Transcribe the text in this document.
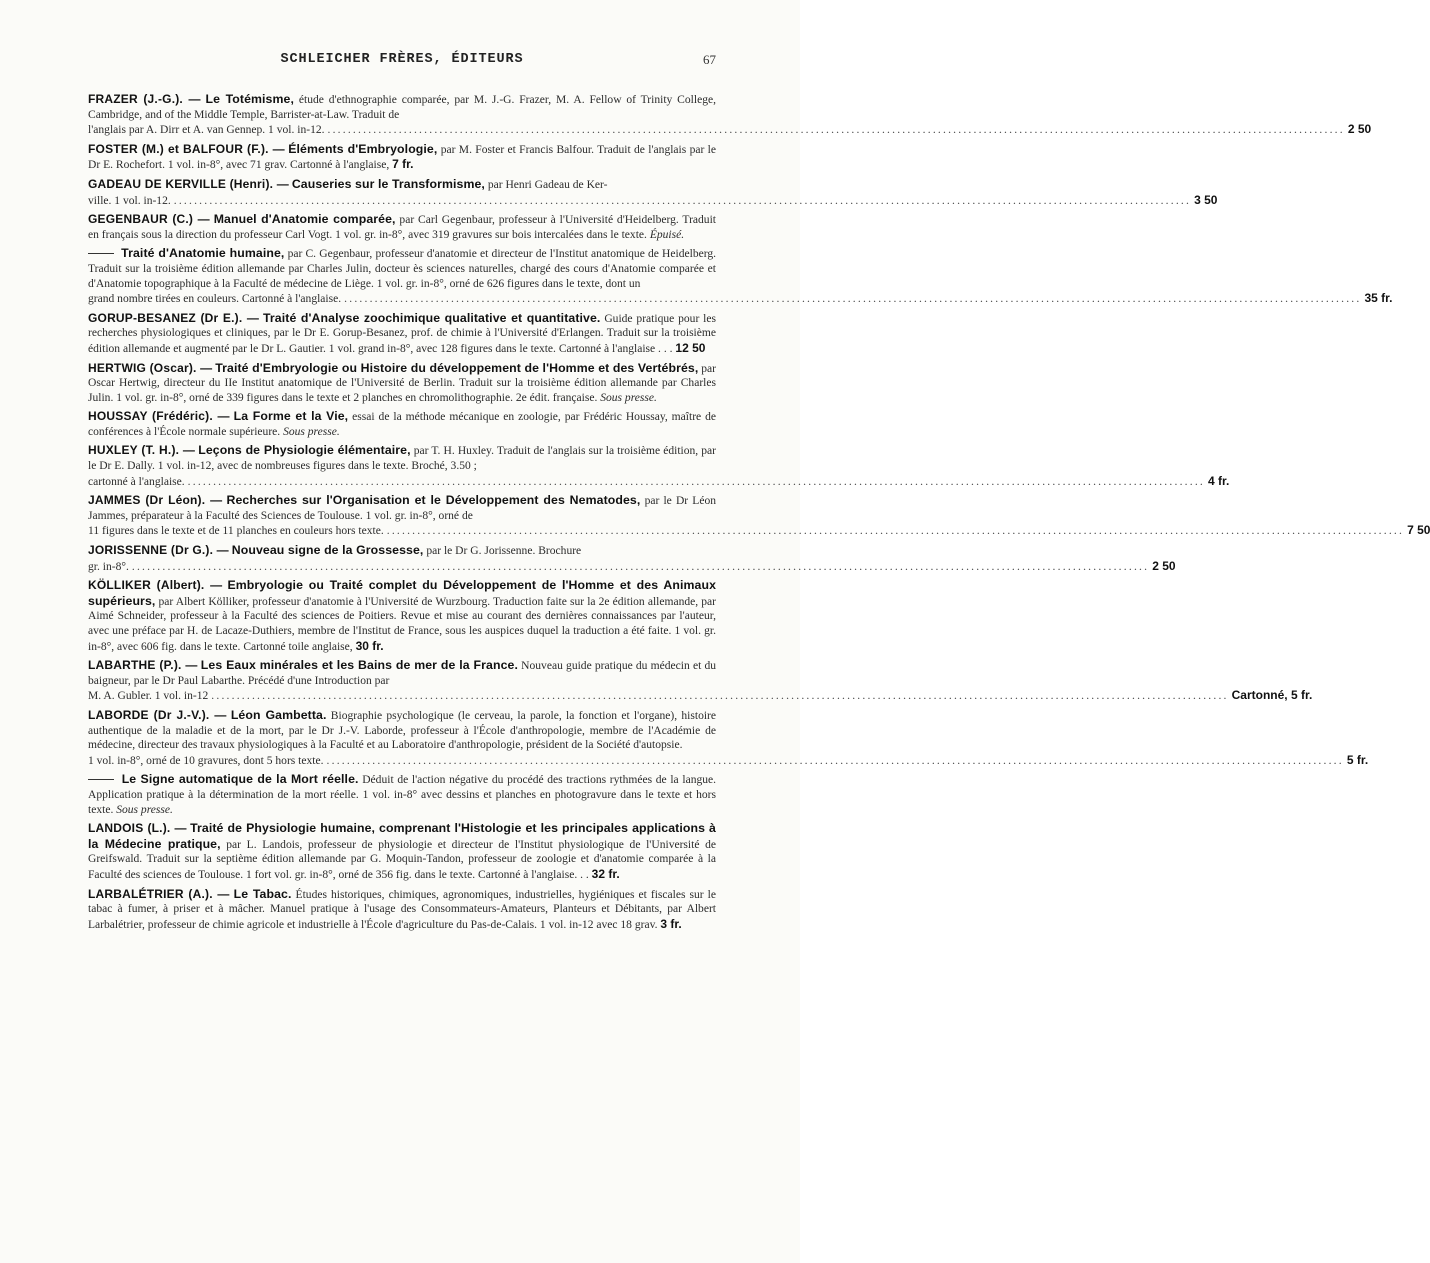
SCHLEICHER FRÈRES, ÉDITEURS	67
FRAZER (J.-G.). — Le Totémisme, étude d'ethnographie comparée, par M. J.-G. Frazer, M. A. Fellow of Trinity College, Cambridge, and of the Middle Temple, Barrister-at-Law. Traduit de
l'anglais par A. Dirr et A. van Gennep. 1 vol. in-12. ........................................................................................................................................................................................................ 2 50
FOSTER (M.) et BALFOUR (F.). — Éléments d'Embryologie, par M. Foster et Francis Balfour. Traduit de l'anglais par le Dr E. Rochefort. 1 vol. in-8°, avec 71 grav. Cartonné à l'anglaise, 7 fr.
GADEAU DE KERVILLE (Henri). — Causeries sur le Transformisme, par Henri Gadeau de Ker-
ville. 1 vol. in-12. ........................................................................................................................................................................................................ 3 50
GEGENBAUR (C.) — Manuel d'Anatomie comparée, par Carl Gegenbaur, professeur à l'Université d'Heidelberg. Traduit en français sous la direction du professeur Carl Vogt. 1 vol. gr. in-8°, avec 319 gravures sur bois intercalées dans le texte. Épuisé.
Traité d'Anatomie humaine, par C. Gegenbaur, professeur d'anatomie et directeur de l'Institut anatomique de Heidelberg. Traduit sur la troisième édition allemande par Charles Julin, docteur ès sciences naturelles, chargé des cours d'Anatomie comparée et d'Anatomie topographique à la Faculté de médecine de Liège. 1 vol. gr. in-8°, orné de 626 figures dans le texte, dont un
grand nombre tirées en couleurs. Cartonné à l'anglaise. ........................................................................................................................................................................................................ 35 fr.
GORUP-BESANEZ (Dr E.). — Traité d'Analyse zoochimique qualitative et quantitative. Guide pratique pour les recherches physiologiques et cliniques, par le Dr E. Gorup-Besanez, prof. de chimie à l'Université d'Erlangen. Traduit sur la troisième édition allemande et augmenté par le Dr L. Gautier. 1 vol. grand in-8°, avec 128 figures dans le texte. Cartonné à l'anglaise . . . 12 50
HERTWIG (Oscar). — Traité d'Embryologie ou Histoire du développement de l'Homme et des Vertébrés, par Oscar Hertwig, directeur du IIe Institut anatomique de l'Université de Berlin. Traduit sur la troisième édition allemande par Charles Julin. 1 vol. gr. in-8°, orné de 339 figures dans le texte et 2 planches en chromolithographie. 2e édit. française. Sous presse.
HOUSSAY (Frédéric). — La Forme et la Vie, essai de la méthode mécanique en zoologie, par Frédéric Houssay, maître de conférences à l'École normale supérieure. Sous presse.
HUXLEY (T. H.). — Leçons de Physiologie élémentaire, par T. H. Huxley. Traduit de l'anglais sur la troisième édition, par le Dr E. Dally. 1 vol. in-12, avec de nombreuses figures dans le texte. Broché, 3.50 ;
cartonné à l'anglaise. ........................................................................................................................................................................................................ 4 fr.
JAMMES (Dr Léon). — Recherches sur l'Organisation et le Développement des Nematodes, par le Dr Léon Jammes, préparateur à la Faculté des Sciences de Toulouse. 1 vol. gr. in-8°, orné de
11 figures dans le texte et de 11 planches en couleurs hors texte. ........................................................................................................................................................................................................ 7 50
JORISSENNE (Dr G.). — Nouveau signe de la Grossesse, par le Dr G. Jorissenne. Brochure
gr. in-8°. ........................................................................................................................................................................................................ 2 50
KÖLLIKER (Albert). — Embryologie ou Traité complet du Développement de l'Homme et des Animaux supérieurs, par Albert Kölliker, professeur d'anatomie à l'Université de Wurzbourg. Traduction faite sur la 2e édition allemande, par Aimé Schneider, professeur à la Faculté des sciences de Poitiers. Revue et mise au courant des dernières connaissances par l'auteur, avec une préface par H. de Lacaze-Duthiers, membre de l'Institut de France, sous les auspices duquel la traduction a été faite. 1 vol. gr. in-8°, avec 606 fig. dans le texte. Cartonné toile anglaise, 30 fr.
LABARTHE (P.). — Les Eaux minérales et les Bains de mer de la France. Nouveau guide pratique du médecin et du baigneur, par le Dr Paul Labarthe. Précédé d'une Introduction par
M. A. Gubler. 1 vol. in-12 ........................................................................................................................................................................................................ Cartonné, 5 fr.
LABORDE (Dr J.-V.). — Léon Gambetta. Biographie psychologique (le cerveau, la parole, la fonction et l'organe), histoire authentique de la maladie et de la mort, par le Dr J.-V. Laborde, professeur à l'École d'anthropologie, membre de l'Académie de médecine, directeur des travaux physiologiques à la Faculté et au Laboratoire d'anthropologie, président de la Société d'autopsie.
1 vol. in-8°, orné de 10 gravures, dont 5 hors texte. ........................................................................................................................................................................................................ 5 fr.
Le Signe automatique de la Mort réelle. Déduit de l'action négative du procédé des tractions rythmées de la langue. Application pratique à la détermination de la mort réelle. 1 vol. in-8° avec dessins et planches en photogravure dans le texte et hors texte. Sous presse.
LANDOIS (L.). — Traité de Physiologie humaine, comprenant l'Histologie et les principales applications à la Médecine pratique, par L. Landois, professeur de physiologie et directeur de l'Institut physiologique de l'Université de Greifswald. Traduit sur la septième édition allemande par G. Moquin-Tandon, professeur de zoologie et d'anatomie comparée à la Faculté des sciences de Toulouse. 1 fort vol. gr. in-8°, orné de 356 fig. dans le texte. Cartonné à l'anglaise. . . 32 fr.
LARBALÉTRIER (A.). — Le Tabac. Études historiques, chimiques, agronomiques, industrielles, hygiéniques et fiscales sur le tabac à fumer, à priser et à mâcher. Manuel pratique à l'usage des Consommateurs-Amateurs, Planteurs et Débitants, par Albert Larbalétrier, professeur de chimie agricole et industrielle à l'École d'agriculture du Pas-de-Calais. 1 vol. in-12 avec 18 grav. 3 fr.
